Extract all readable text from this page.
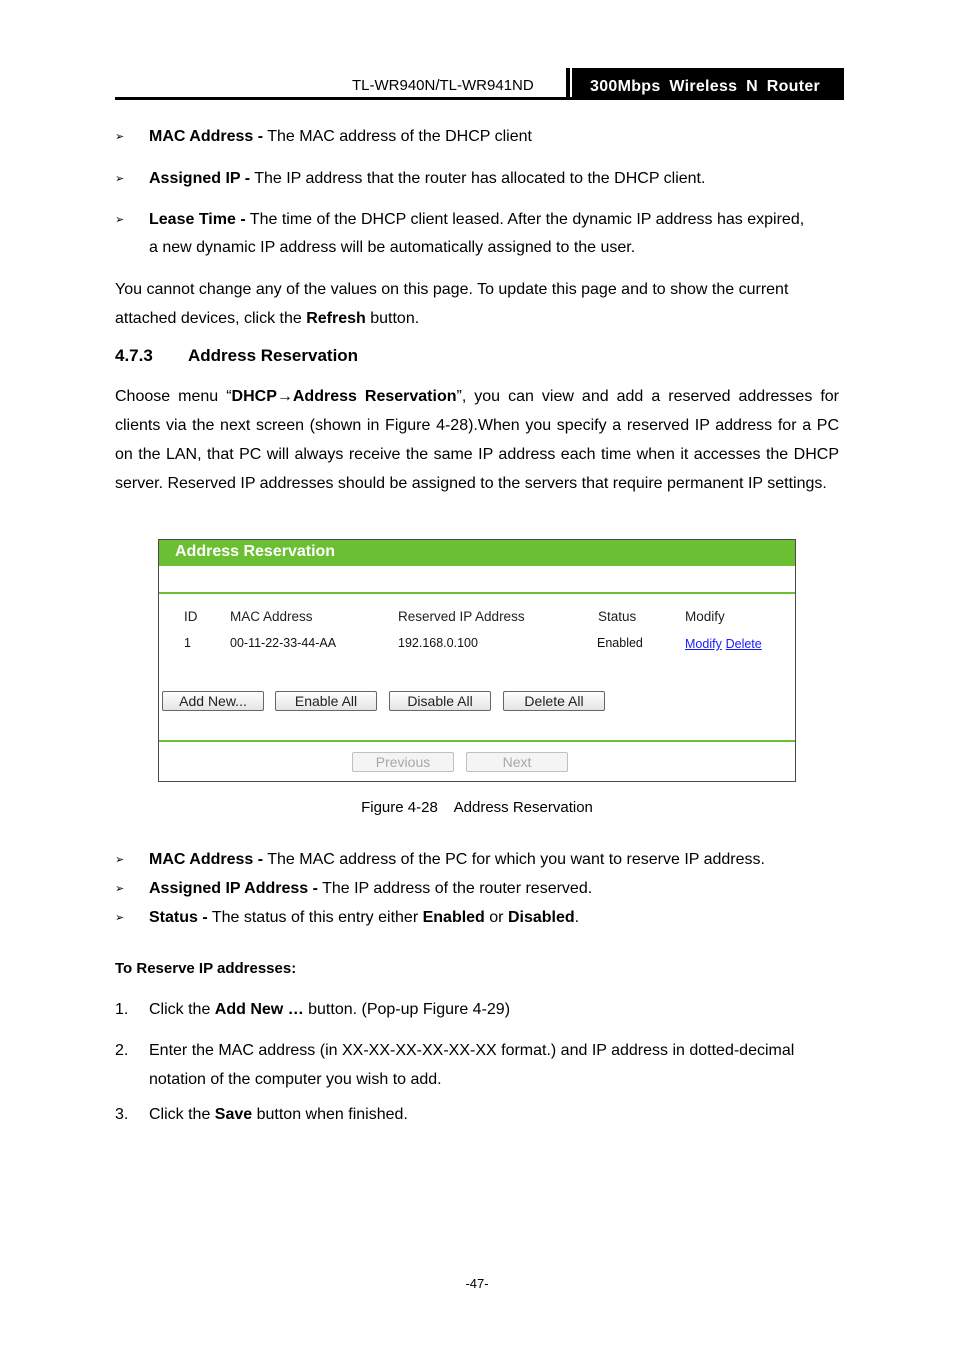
TL-WR940N/TL-WR941ND	300Mbps Wireless N Router
➢ MAC Address - The MAC address of the DHCP client
➢ Assigned IP - The IP address that the router has allocated to the DHCP client.
➢ Lease Time - The time of the DHCP client leased. After the dynamic IP address has expired,
a new dynamic IP address will be automatically assigned to the user.
You cannot change any of the values on this page. To update this page and to show the current
attached devices, click the Refresh button.
4.7.3 Address Reservation
Choose menu “DHCP→Address Reservation”, you can view and add a reserved addresses for clients via the next screen (shown in Figure 4-28).When you specify a reserved IP address for a PC on the LAN, that PC will always receive the same IP address each time when it accesses the DHCP server. Reserved IP addresses should be assigned to the servers that require permanent IP settings.
Address Reservation
ID MAC Address	Reserved IP Address	Status	Modify
1	00-11-22-33-44-AA	192.168.0.100	Enabled	Modify Delete
Add New...	Enable All	Disable All	Delete All
Previous	Next
Figure 4-28    Address Reservation
➢ MAC Address - The MAC address of the PC for which you want to reserve IP address.
➢ Assigned IP Address - The IP address of the router reserved.
➢ Status - The status of this entry either Enabled or Disabled.
To Reserve IP addresses:
1. Click the Add New … button. (Pop-up Figure 4-29)
2. Enter the MAC address (in XX-XX-XX-XX-XX-XX format.) and IP address in dotted-decimal
notation of the computer you wish to add.
3. Click the Save button when finished.
-47-
